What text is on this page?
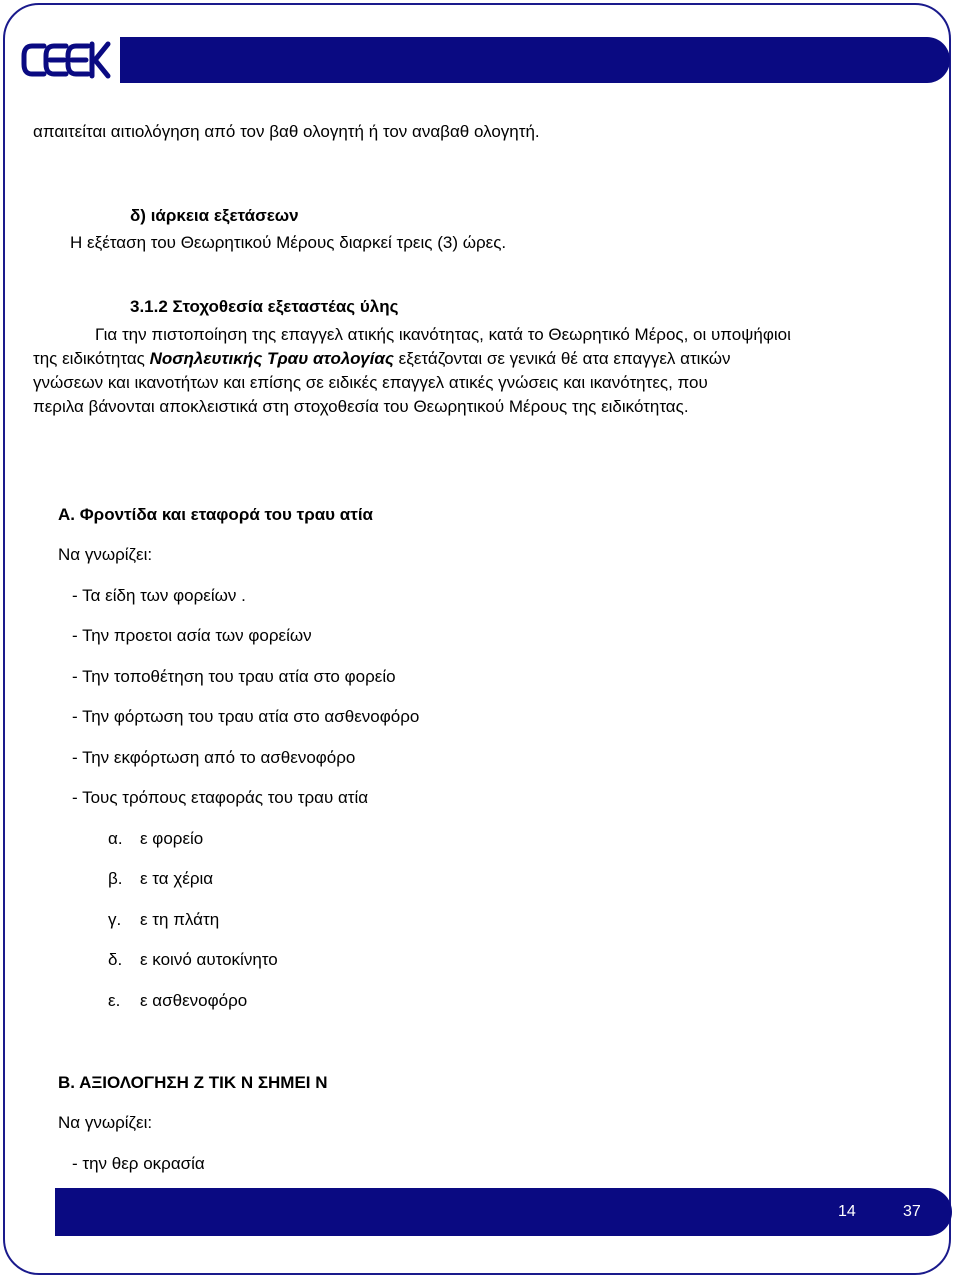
απαιτείται αιτιολόγηση από τον βαθ ολογητή ή τον αναβαθ ολογητή.
δ) ιάρκεια εξετάσεων
Η εξέταση του Θεωρητικού Μέρους διαρκεί τρεις (3) ώρες.
3.1.2 Στοχοθεσία εξεταστέας ύλης
Για την πιστοποίηση της επαγγελ ατικής ικανότητας, κατά το Θεωρητικό Μέρος, οι υποψήφιοι
της ειδικότητας Νοσηλευτικής Τραυ ατολογίας εξετάζονται σε γενικά θέ ατα επαγγελ ατικών
γνώσεων και ικανοτήτων και επίσης σε ειδικές επαγγελ ατικές γνώσεις και ικανότητες, που
περιλα βάνονται αποκλειστικά στη στοχοθεσία του Θεωρητικού Μέρους της ειδικότητας.
Α. Φροντίδα και εταφορά του τραυ ατία
Να γνωρίζει:
- Τα είδη των φορείων .
- Την προετοι ασία των φορείων
- Την τοποθέτηση του τραυ ατία στο φορείο
- Την φόρτωση του τραυ ατία στο ασθενοφόρο
- Την εκφόρτωση από το ασθενοφόρο
- Τους τρόπους εταφοράς του τραυ ατία
α. ε φορείο
β. ε τα χέρια
γ. ε τη πλάτη
δ. ε κοινό αυτοκίνητο
ε. ε ασθενοφόρο
Β. ΑΞΙΟΛΟΓΗΣΗ Ζ ΤΙΚ Ν ΣΗΜΕΙ Ν
Να γνωρίζει:
- την θερ οκρασία
14	37
